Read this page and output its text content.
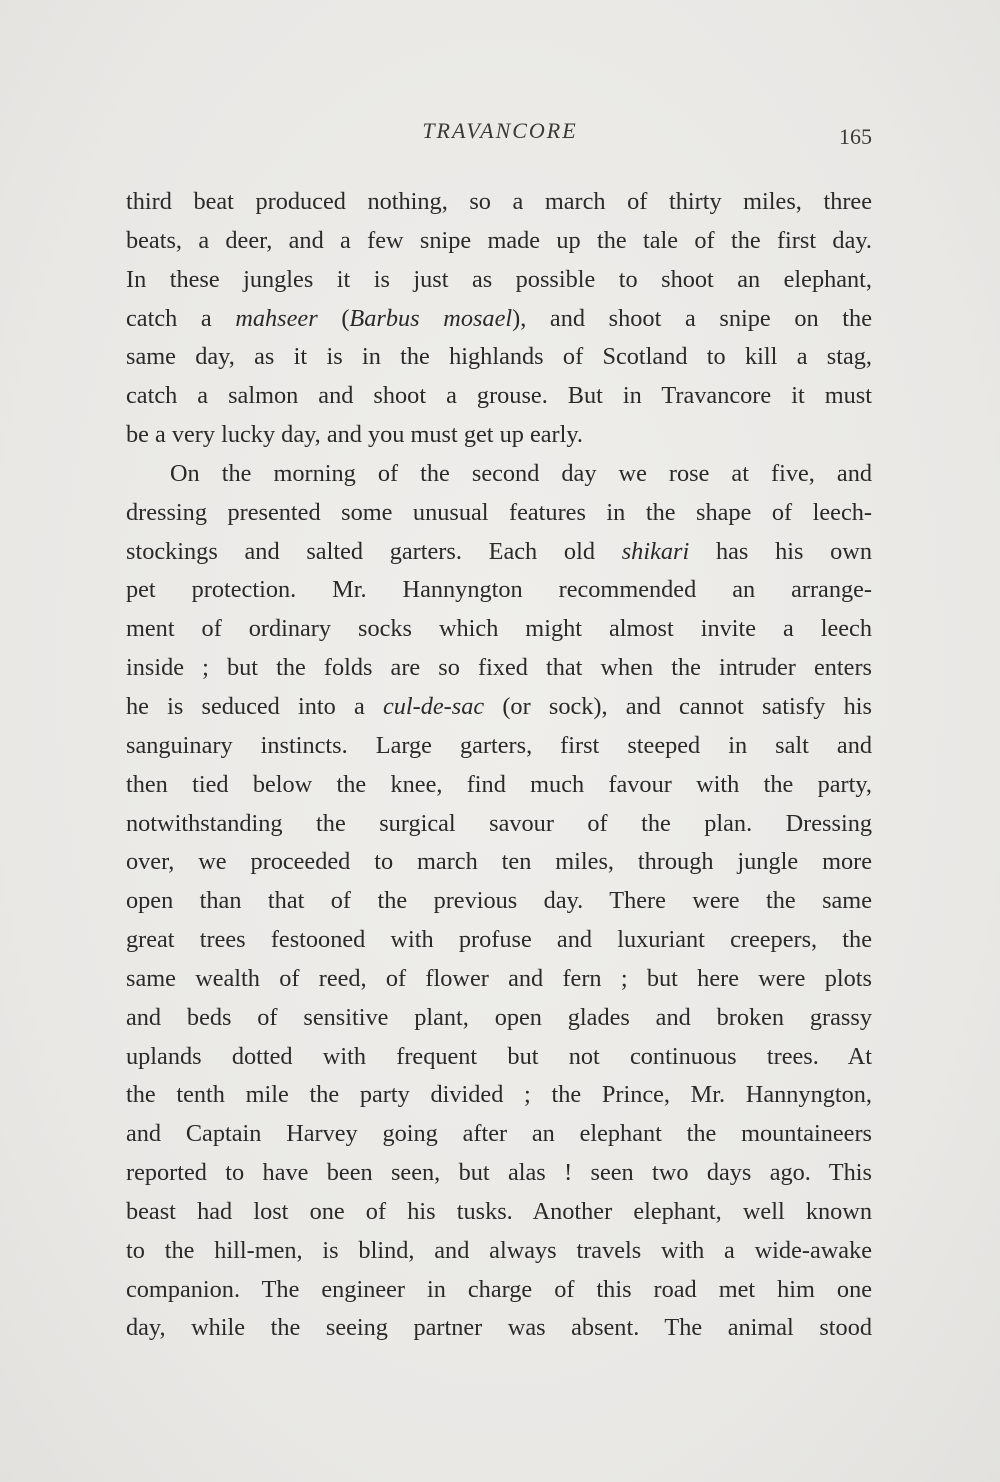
TRAVANCORE	165
third beat produced nothing, so a march of thirty miles, three
beats, a deer, and a few snipe made up the tale of the first day.
In these jungles it is just as possible to shoot an elephant,
catch a mahseer (Barbus mosael), and shoot a snipe on the
same day, as it is in the highlands of Scotland to kill a stag,
catch a salmon and shoot a grouse. But in Travancore it must
be a very lucky day, and you must get up early.
On the morning of the second day we rose at five, and
dressing presented some unusual features in the shape of leech-
stockings and salted garters. Each old shikari has his own
pet protection. Mr. Hannyngton recommended an arrange-
ment of ordinary socks which might almost invite a leech
inside ; but the folds are so fixed that when the intruder enters
he is seduced into a cul-de-sac (or sock), and cannot satisfy his
sanguinary instincts. Large garters, first steeped in salt and
then tied below the knee, find much favour with the party,
notwithstanding the surgical savour of the plan. Dressing
over, we proceeded to march ten miles, through jungle more
open than that of the previous day. There were the same
great trees festooned with profuse and luxuriant creepers, the
same wealth of reed, of flower and fern ; but here were plots
and beds of sensitive plant, open glades and broken grassy
uplands dotted with frequent but not continuous trees. At
the tenth mile the party divided ; the Prince, Mr. Hannyngton,
and Captain Harvey going after an elephant the mountaineers
reported to have been seen, but alas ! seen two days ago. This
beast had lost one of his tusks. Another elephant, well known
to the hill-men, is blind, and always travels with a wide-awake
companion. The engineer in charge of this road met him one
day, while the seeing partner was absent. The animal stood
